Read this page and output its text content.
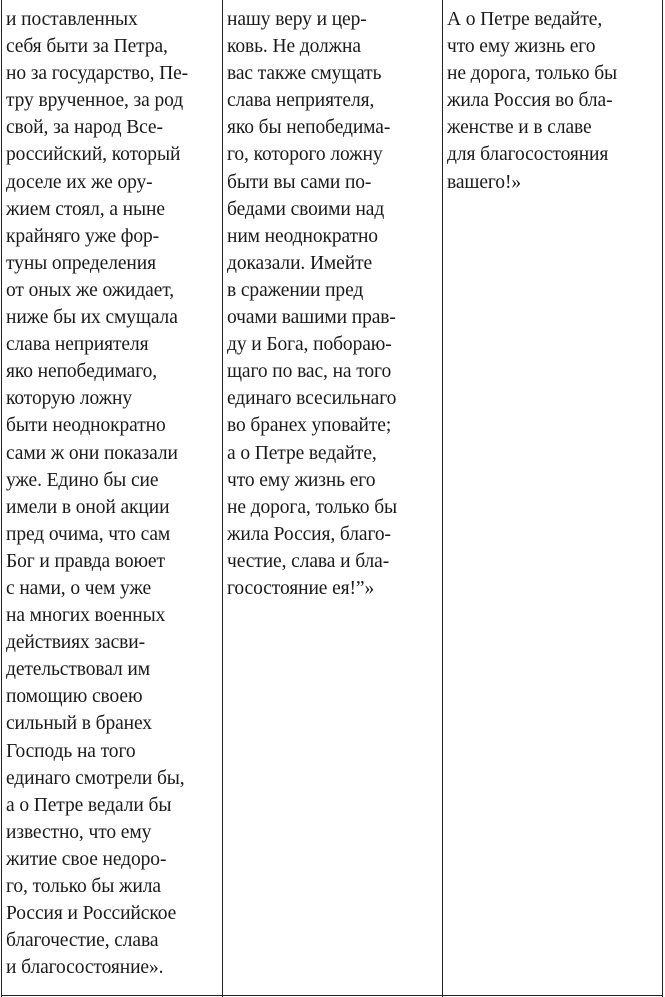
и поставленных
себя быти за Петра,
но за государство, Пе-
тру врученное, за род
свой, за народ Все-
российский, который
доселе их же ору-
жием стоял, а ныне
крайняго уже фор-
туны определения
от оных же ожидает,
ниже бы их смущала
слава неприятеля
яко непобедимаго,
которую ложну
быти неоднократно
сами ж они показали
уже. Едино бы сие
имели в оной акции
пред очима, что сам
Бог и правда воюет
с нами, о чем уже
на многих военных
действиях засви-
детельствовал им
помощию своею
сильный в бранех
Господь на того
единаго смотрели бы,
а о Петре ведали бы
известно, что ему
житие свое недоро-
го, только бы жила
Россия и Российское
благочестие, слава
и благосостояние».
нашу веру и цер-
ковь. Не должна
вас также смущать
слава неприятеля,
яко бы непобедима-
го, которого ложну
быти вы сами по-
бедами своими над
ним неоднократно
доказали. Имейте
в сражении пред
очами вашими прав-
ду и Бога, побораю-
щаго по вас, на того
единаго всесильнаго
во бранех уповайте;
а о Петре ведайте,
что ему жизнь его
не дорога, только бы
жила Россия, благо-
честие, слава и бла-
госостояние ея!”»
А о Петре ведайте,
что ему жизнь его
не дорога, только бы
жила Россия во бла-
женстве и в славе
для благосостояния
вашего!»
